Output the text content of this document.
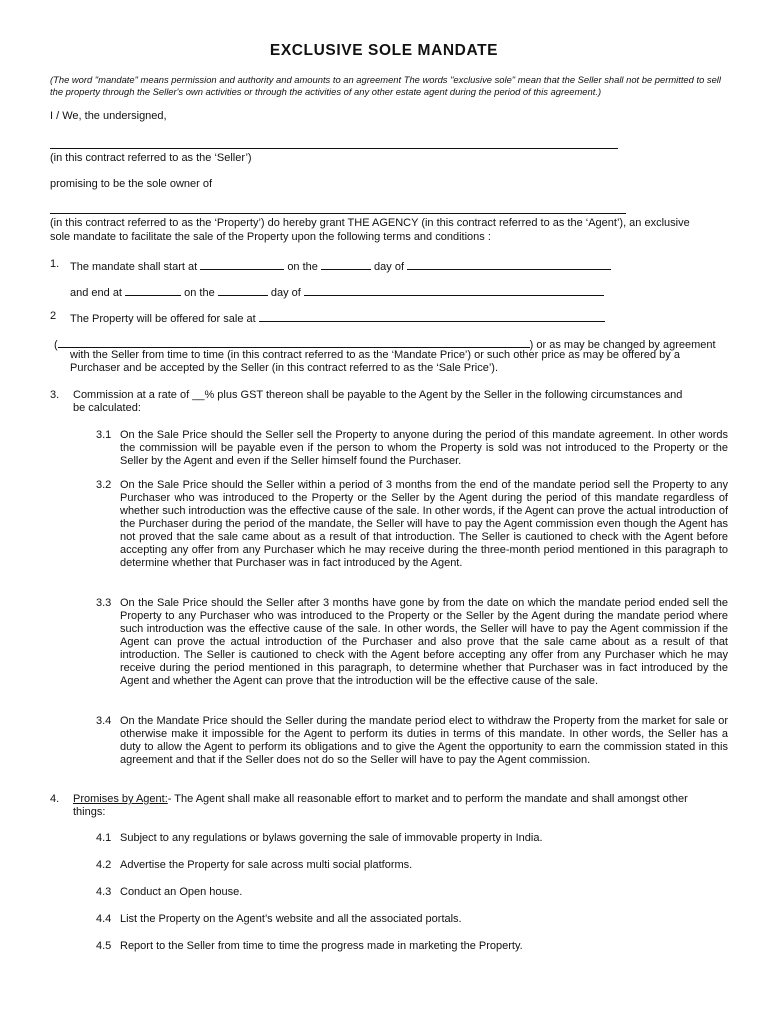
EXCLUSIVE SOLE MANDATE
(The word "mandate" means permission and authority and amounts to an agreement The words "exclusive sole" mean that the Seller shall not be permitted to sell
the property through the Seller's own activities or through the activities of any other estate agent during the period of this agreement.)
I / We, the undersigned,
(in this contract referred to as the ‘Seller’)
promising to be the sole owner of
(in this contract referred to as the ‘Property’) do hereby grant THE AGENCY (in this contract referred to as the ‘Agent’), an exclusive
sole mandate to facilitate the sale of the Property upon the following terms and conditions :
1. The mandate shall start at	on the	day of
and end at	on the	day of
2 The Property will be offered for sale at
(	) or as may be changed by agreement
with the Seller from time to time (in this contract referred to as the ‘Mandate Price’) or such other price as may be offered by a
Purchaser and be accepted by the Seller (in this contract referred to as the ‘Sale Price’).
3. Commission at a rate of __% plus GST thereon shall be payable to the Agent by the Seller in the following circumstances and
be calculated:
3.1 On the Sale Price should the Seller sell the Property to anyone during the period of this mandate agreement. In other words the commission will be payable even if the person to whom the Property is sold was not introduced to the Property or the Seller by the Agent and even if the Seller himself found the Purchaser.
3.2 On the Sale Price should the Seller within a period of 3 months from the end of the mandate period sell the Property to any Purchaser who was introduced to the Property or the Seller by the Agent during the period of this mandate regardless of whether such introduction was the effective cause of the sale. In other words, if the Agent can prove the actual introduction of the Purchaser during the period of the mandate, the Seller will have to pay the Agent commission even though the Agent has not proved that the sale came about as a result of that introduction. The Seller is cautioned to check with the Agent before accepting any offer from any Purchaser which he may receive during the three-month period mentioned in this paragraph to determine whether that Purchaser was in fact introduced by the Agent.
3.3 On the Sale Price should the Seller after 3 months have gone by from the date on which the mandate period ended sell the Property to any Purchaser who was introduced to the Property or the Seller by the Agent during the mandate period where such introduction was the effective cause of the sale. In other words, the Seller will have to pay the Agent commission if the Agent can prove the actual introduction of the Purchaser and also prove that the sale came about as a result of that introduction. The Seller is cautioned to check with the Agent before accepting any offer from any Purchaser which he may receive during the period mentioned in this paragraph, to determine whether that Purchaser was in fact introduced by the Agent and whether the Agent can prove that the introduction will be the effective cause of the sale.
3.4 On the Mandate Price should the Seller during the mandate period elect to withdraw the Property from the market for sale or otherwise make it impossible for the Agent to perform its duties in terms of this mandate. In other words, the Seller has a duty to allow the Agent to perform its obligations and to give the Agent the opportunity to earn the commission stated in this agreement and that if the Seller does not do so the Seller will have to pay the Agent commission.
4. Promises by Agent:- The Agent shall make all reasonable effort to market and to perform the mandate and shall amongst other
things:
4.1 Subject to any regulations or bylaws governing the sale of immovable property in India.
4.2 Advertise the Property for sale across multi social platforms.
4.3 Conduct an Open house.
4.4 List the Property on the Agent’s website and all the associated portals.
4.5 Report to the Seller from time to time the progress made in marketing the Property.
